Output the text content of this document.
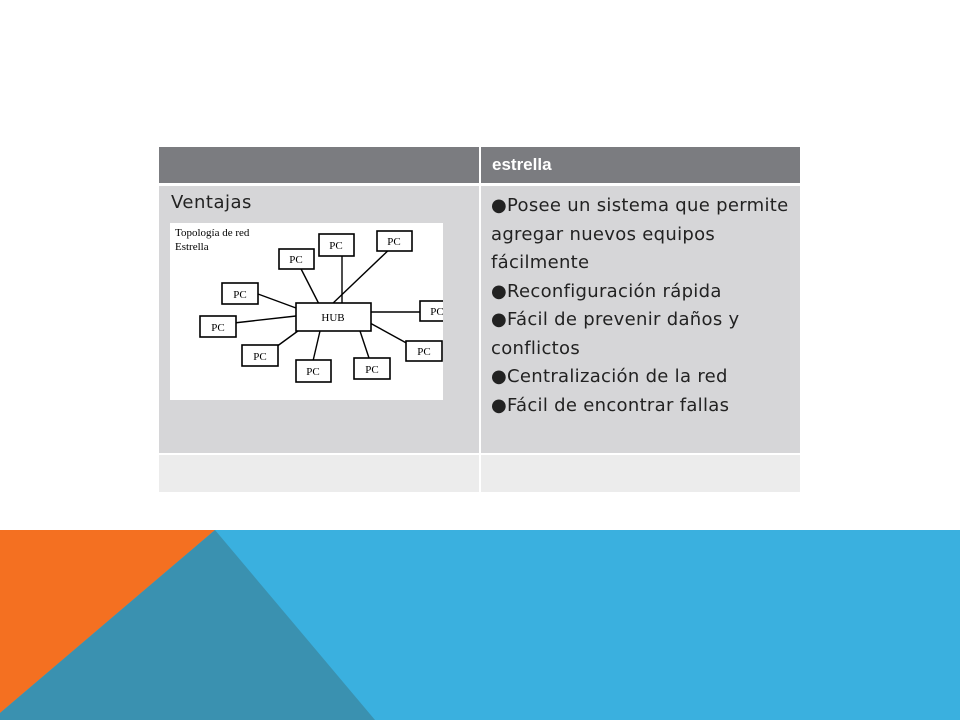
estrella
Ventajas	●Posee un sistema que permite agregar nuevos equipos fácilmente
●Reconfiguración rápida
●Fácil de prevenir daños y conflictos
●Centralización de la red
●Fácil de encontrar fallas
Topología de red
Estrella
HUB
PC	PC
PC
PC
PC
PC
PC
PC
PC
PC
